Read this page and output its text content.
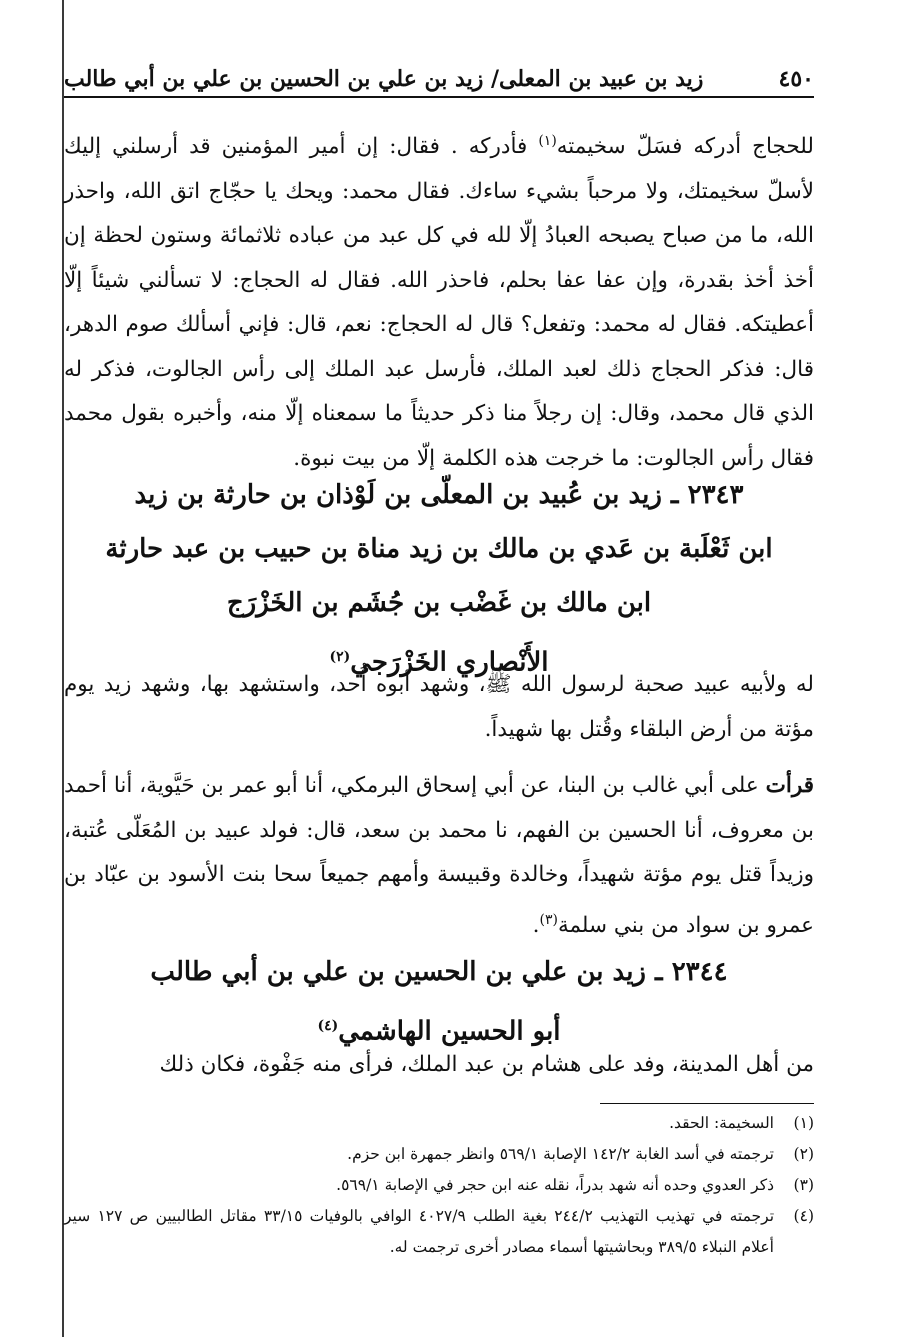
٤٥٠
زيد بن عبيد بن المعلى/ زيد بن علي بن الحسين بن علي بن أبي طالب

للحجاج أدركه فسَلّ سخيمته$^{(١)}$ فأدركه . فقال: إن أمير المؤمنين قد أرسلني إليك لأسلّ سخيمتك، ولا مرحباً بشيء ساءك. فقال محمد: ويحك يا حجّاج اتق الله، واحذر الله، ما من صباح يصبحه العبادُ إلّا لله في كل عبد من عباده ثلاثمائة وستون لحظة إن أخذ أخذ بقدرة، وإن عفا عفا بحلم، فاحذر الله. فقال له الحجاج: لا تسألني شيئاً إلّا أعطيتكه. فقال له محمد: وتفعل؟ قال له الحجاج: نعم، قال: فإني أسألك صوم الدهر، قال: فذكر الحجاج ذلك لعبد الملك، فأرسل عبد الملك إلى رأس الجالوت، فذكر له الذي قال محمد، وقال: إن رجلاً منا ذكر حديثاً ما سمعناه إلّا منه، وأخبره بقول محمد فقال رأس الجالوت: ما خرجت هذه الكلمة إلّا من بيت نبوة.

٢٣٤٣ ـ زيد بن عُبيد بن المعلّى بن لَوْذان بن حارثة بن زيد
ابن ثَعْلَبة بن عَدي بن مالك بن زيد مناة بن حبيب بن عبد حارثة
ابن مالك بن غَضْب بن جُشَم بن الخَزْرَج
الأَنْصاري الخَزْرَجي$^{(٢)}$

له ولأبيه عبيد صحبة لرسول الله ﷺ، وشهد أبوه أُحد، واستشهد بها، وشهد زيد يوم مؤتة من أرض البلقاء وقُتل بها شهيداً.

قرأت على أبي غالب بن البنا، عن أبي إسحاق البرمكي، أنا أبو عمر بن حَيَّوية، أنا أحمد بن معروف، أنا الحسين بن الفهم، نا محمد بن سعد، قال: فولد عبيد بن المُعَلّى عُتبة، وزيداً قتل يوم مؤتة شهيداً، وخالدة وقبيسة وأمهم جميعاً سحا بنت الأسود بن عبّاد بن عمرو بن سواد من بني سلمة$^{(٣)}$.

٢٣٤٤ ـ زيد بن علي بن الحسين بن علي بن أبي طالب
أبو الحسين الهاشمي$^{(٤)}$

من أهل المدينة، وفد على هشام بن عبد الملك، فرأى منه جَفْوة، فكان ذلك

(١)
السخيمة: الحقد.
(٢)
ترجمته في أسد الغابة ١٤٢/٢ الإصابة ٥٦٩/١ وانظر جمهرة ابن حزم.
(٣)
ذكر العدوي وحده أنه شهد بدراً، نقله عنه ابن حجر في الإصابة ٥٦٩/١.
(٤)
ترجمته في تهذيب التهذيب ٢٤٤/٢ بغية الطلب ٤٠٢٧/٩ الوافي بالوفيات ٣٣/١٥ مقاتل الطالبيين ص ١٢٧ سير أعلام النبلاء ٣٨٩/٥ وبحاشيتها أسماء مصادر أخرى ترجمت له.
